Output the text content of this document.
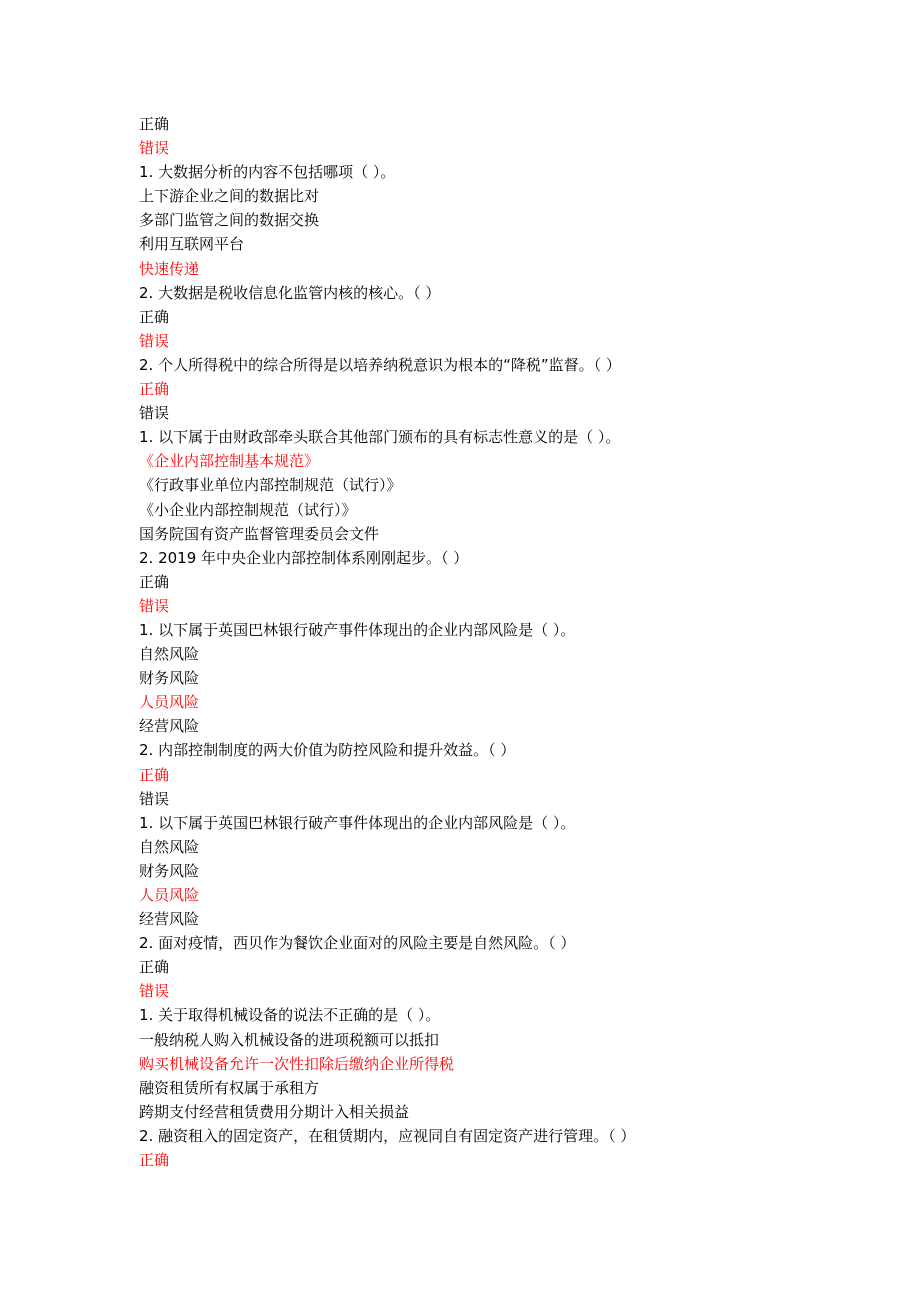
正确
错误
1. 大数据分析的内容不包括哪项（ ）。
上下游企业之间的数据比对
多部门监管之间的数据交换
利用互联网平台
快速传递
2. 大数据是税收信息化监管内核的核心。（ ）
正确
错误
2. 个人所得税中的综合所得是以培养纳税意识为根本的“降税”监督。（ ）
正确
错误
1. 以下属于由财政部牵头联合其他部门颁布的具有标志性意义的是（ ）。
《企业内部控制基本规范》
《行政事业单位内部控制规范（试行）》
《小企业内部控制规范（试行）》
国务院国有资产监督管理委员会文件
2. 2019 年中央企业内部控制体系刚刚起步。（ ）
正确
错误
1. 以下属于英国巴林银行破产事件体现出的企业内部风险是（ ）。
自然风险
财务风险
人员风险
经营风险
2. 内部控制制度的两大价值为防控风险和提升效益。（ ）
正确
错误
1. 以下属于英国巴林银行破产事件体现出的企业内部风险是（ ）。
自然风险
财务风险
人员风险
经营风险
2. 面对疫情，西贝作为餐饮企业面对的风险主要是自然风险。（ ）
正确
错误
1. 关于取得机械设备的说法不正确的是（ ）。
一般纳税人购入机械设备的进项税额可以抵扣
购买机械设备允许一次性扣除后缴纳企业所得税
融资租赁所有权属于承租方
跨期支付经营租赁费用分期计入相关损益
2. 融资租入的固定资产，在租赁期内，应视同自有固定资产进行管理。（ ）
正确
